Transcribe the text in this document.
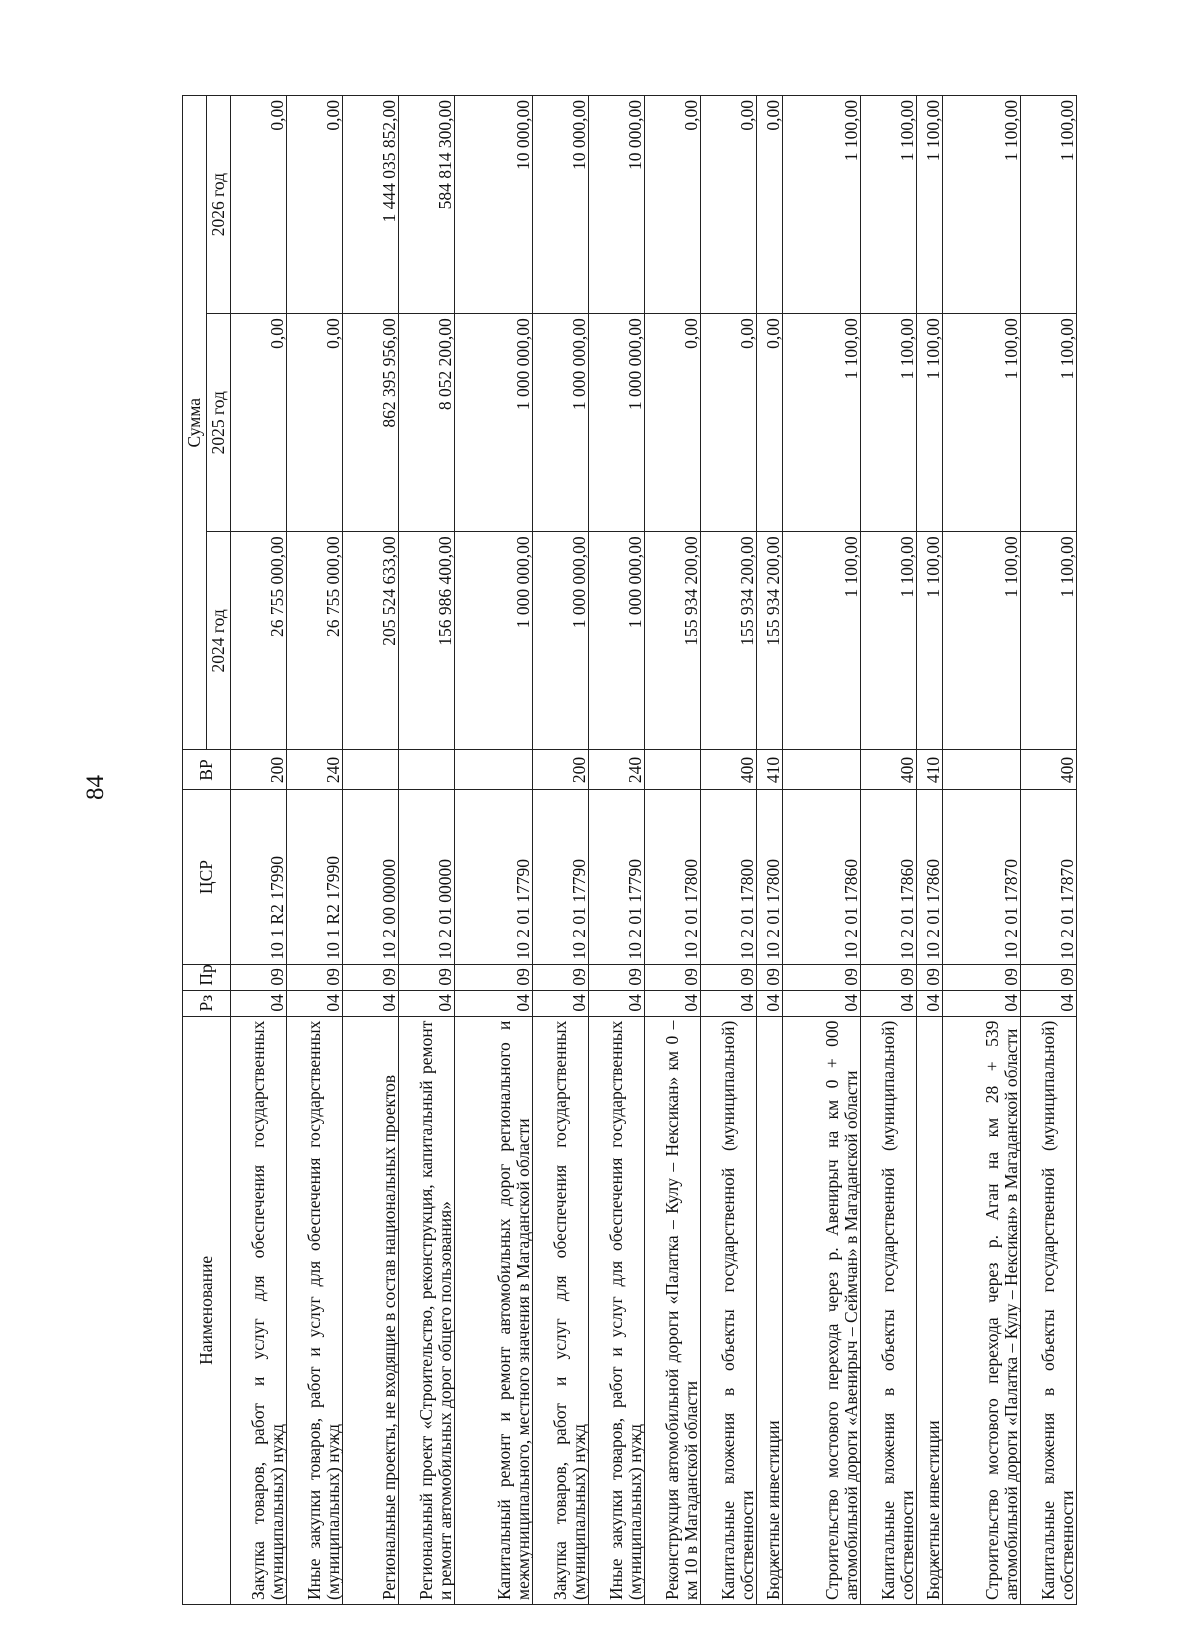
84
Наименование	Рз	Пр	ЦСР	ВР	Сумма		
					2024 год	2025 год	2026 год
Закупка товаров, работ и услуг для обеспечения государственных (муниципальных) нужд	04	09	10 1 R2 17990	200	26 755 000,00	0,00	0,00
Иные закупки товаров, работ и услуг для обеспечения государственных (муниципальных) нужд	04	09	10 1 R2 17990	240	26 755 000,00	0,00	0,00
Региональные проекты, не входящие в состав национальных проектов	04	09	10 2 00 00000		205 524 633,00	862 395 956,00	1 444 035 852,00
Региональный проект «Строительство, реконструкция, капитальный ремонт и ремонт автомобильных дорог общего пользования»	04	09	10 2 01 00000		156 986 400,00	8 052 200,00	584 814 300,00
Капитальный ремонт и ремонт автомобильных дорог регионального и межмуниципального, местного значения в Магаданской области	04	09	10 2 01 17790		1 000 000,00	1 000 000,00	10 000,00
Закупка товаров, работ и услуг для обеспечения государственных (муниципальных) нужд	04	09	10 2 01 17790	200	1 000 000,00	1 000 000,00	10 000,00
Иные закупки товаров, работ и услуг для обеспечения государственных (муниципальных) нужд	04	09	10 2 01 17790	240	1 000 000,00	1 000 000,00	10 000,00
Реконструкция автомобильной дороги «Палатка – Кулу – Нексикан» км 0 – км 10 в Магаданской области	04	09	10 2 01 17800		155 934 200,00	0,00	0,00
Капитальные вложения в объекты государственной (муниципальной) собственности	04	09	10 2 01 17800	400	155 934 200,00	0,00	0,00
Бюджетные инвестиции	04	09	10 2 01 17800	410	155 934 200,00	0,00	0,00
Строительство мостового перехода через р. Авенирыч на км 0 + 000 автомобильной дороги «Авенирыч – Сеймчан» в Магаданской области	04	09	10 2 01 17860		1 100,00	1 100,00	1 100,00
Капитальные вложения в объекты государственной (муниципальной) собственности	04	09	10 2 01 17860	400	1 100,00	1 100,00	1 100,00
Бюджетные инвестиции	04	09	10 2 01 17860	410	1 100,00	1 100,00	1 100,00
Строительство мостового перехода через р. Аган на км 28 + 539 автомобильной дороги «Палатка – Кулу – Нексикан» в Магаданской области	04	09	10 2 01 17870		1 100,00	1 100,00	1 100,00
Капитальные вложения в объекты государственной (муниципальной) собственности	04	09	10 2 01 17870	400	1 100,00	1 100,00	1 100,00
